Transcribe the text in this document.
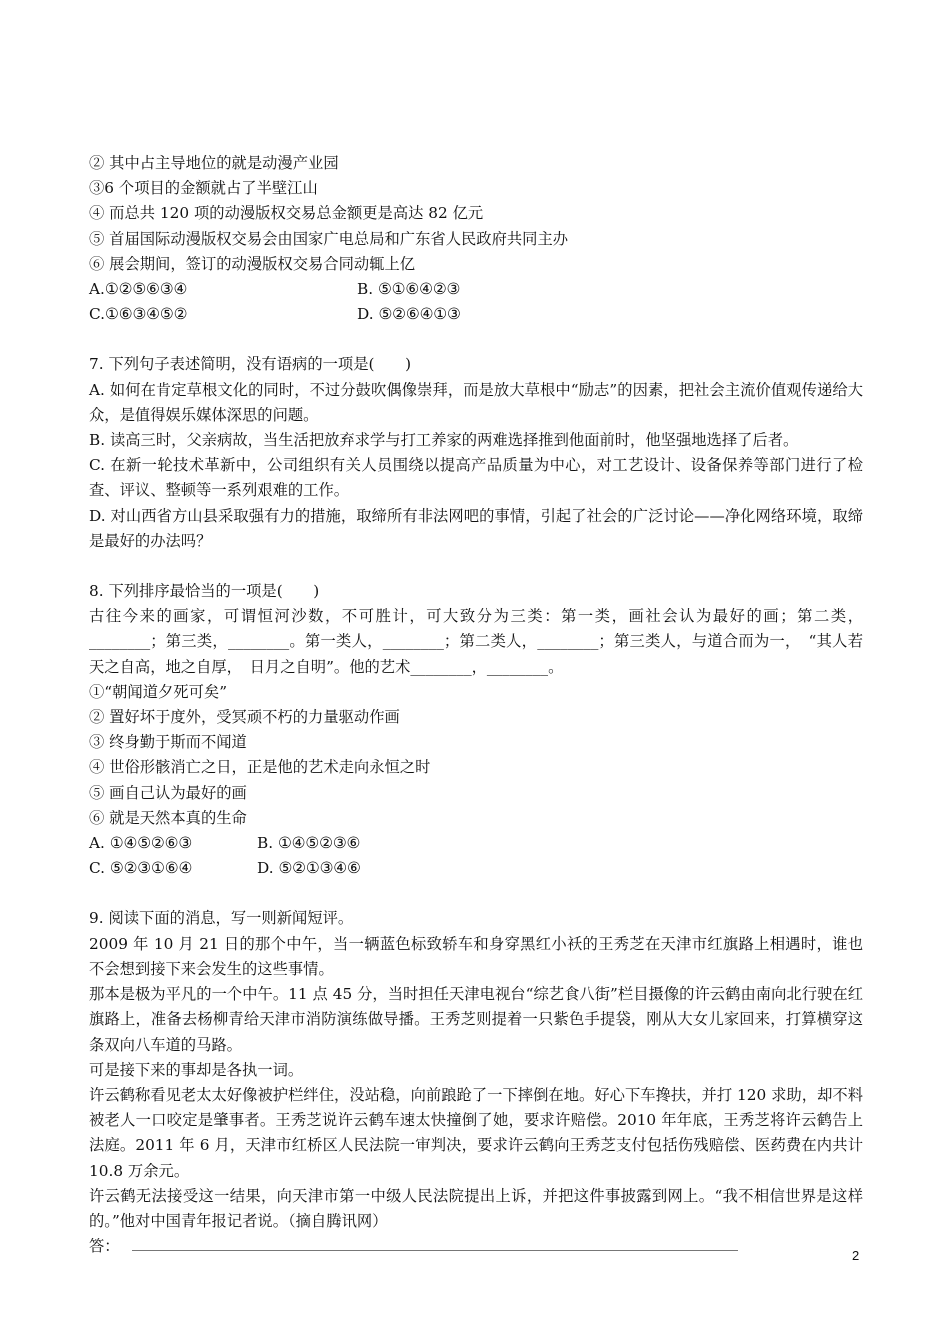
② 其中占主导地位的就是动漫产业园
③6 个项目的金额就占了半壁江山
④ 而总共 120 项的动漫版权交易总金额更是高达 82 亿元
⑤ 首届国际动漫版权交易会由国家广电总局和广东省人民政府共同主办
⑥ 展会期间，签订的动漫版权交易合同动辄上亿
A.①②⑤⑥③④	B. ⑤①⑥④②③
C.①⑥③④⑤②	D. ⑤②⑥④①③
7. 下列句子表述简明，没有语病的一项是(　　)
A. 如何在肯定草根文化的同时，不过分鼓吹偶像崇拜，而是放大草根中“励志”的因素，把社会主流价值观传递给大众，是值得娱乐媒体深思的问题。
B. 读高三时，父亲病故，当生活把放弃求学与打工养家的两难选择推到他面前时，他坚强地选择了后者。
C. 在新一轮技术革新中，公司组织有关人员围绕以提高产品质量为中心，对工艺设计、设备保养等部门进行了检查、评议、整顿等一系列艰难的工作。
D. 对山西省方山县采取强有力的措施，取缔所有非法网吧的事情，引起了社会的广泛讨论——净化网络环境，取缔是最好的办法吗？
8. 下列排序最恰当的一项是(　　)
古往今来的画家，可谓恒河沙数，不可胜计，可大致分为三类：第一类，画社会认为最好的画；第二类，________；第三类，________。第一类人，________；第二类人，________；第三类人，与道合而为一，　“其人若天之自高，地之自厚，　日月之自明”。他的艺术________，________。
①“朝闻道夕死可矣”
② 置好坏于度外，受冥顽不朽的力量驱动作画
③ 终身勤于斯而不闻道
④ 世俗形骸消亡之日，正是他的艺术走向永恒之时
⑤ 画自己认为最好的画
⑥ 就是天然本真的生命
A. ①④⑤②⑥③	B. ①④⑤②③⑥
C. ⑤②③①⑥④	D. ⑤②①③④⑥
9. 阅读下面的消息，写一则新闻短评。
2009 年 10 月 21 日的那个中午，当一辆蓝色标致轿车和身穿黑红小袄的王秀芝在天津市红旗路上相遇时，谁也不会想到接下来会发生的这些事情。
那本是极为平凡的一个中午。11 点 45 分，当时担任天津电视台“综艺食八街”栏目摄像的许云鹤由南向北行驶在红旗路上，准备去杨柳青给天津市消防演练做导播。王秀芝则提着一只紫色手提袋，刚从大女儿家回来，打算横穿这条双向八车道的马路。
可是接下来的事却是各执一词。
许云鹤称看见老太太好像被护栏绊住，没站稳，向前踉跄了一下摔倒在地。好心下车搀扶，并打 120 求助，却不料被老人一口咬定是肇事者。王秀芝说许云鹤车速太快撞倒了她，要求许赔偿。2010 年年底，王秀芝将许云鹤告上法庭。2011 年 6 月，天津市红桥区人民法院一审判决，要求许云鹤向王秀芝支付包括伤残赔偿、医药费在内共计 10.8 万余元。
许云鹤无法接受这一结果，向天津市第一中级人民法院提出上诉，并把这件事披露到网上。“我不相信世界是这样的。”他对中国青年报记者说。（摘自腾讯网）
答：
2
